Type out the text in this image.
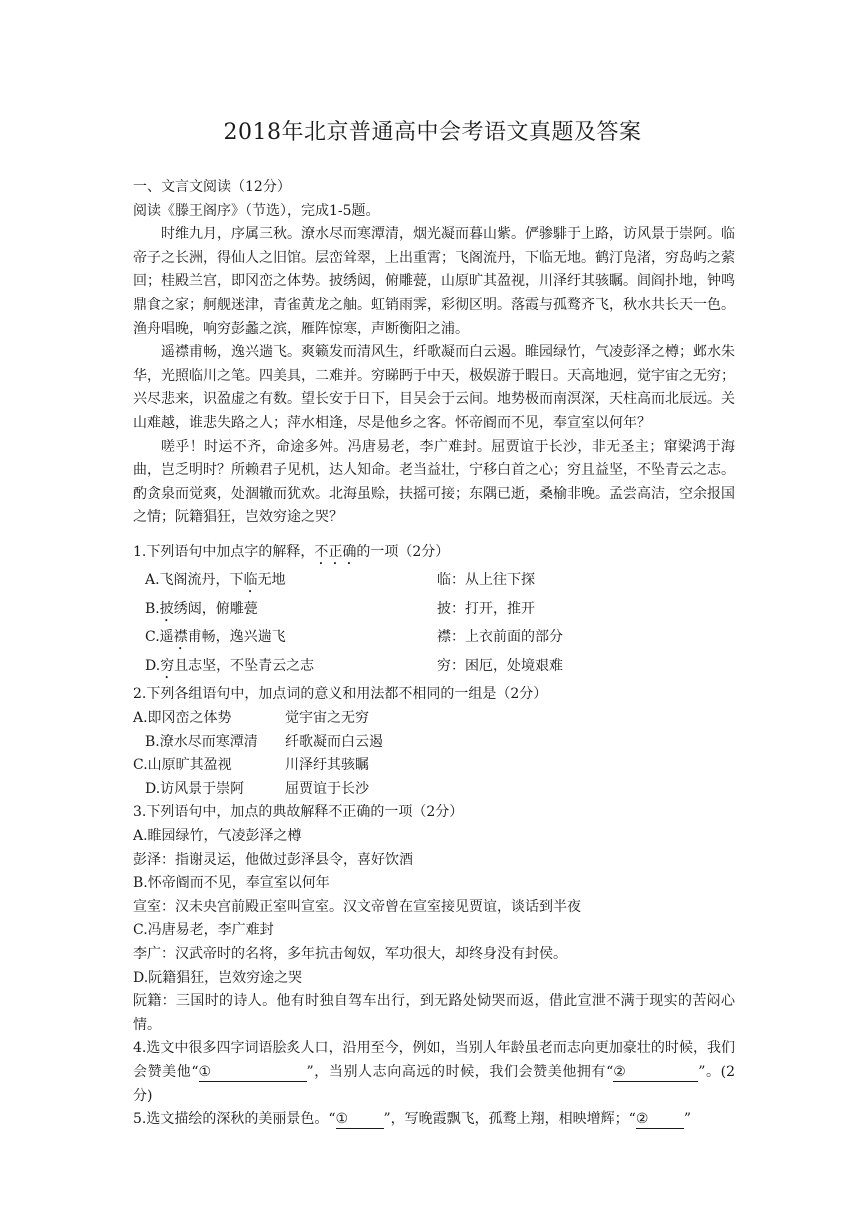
2018年北京普通高中会考语文真题及答案

一、文言文阅读（12分）

阅读《滕王阁序》（节选），完成1-5题。

时维九月，序属三秋。潦水尽而寒潭清，烟光凝而暮山紫。俨骖騑于上路，访风景于崇阿。临帝子之长洲，得仙人之旧馆。层峦耸翠，上出重霄；飞阁流丹，下临无地。鹤汀凫渚，穷岛屿之萦回；桂殿兰宫，即冈峦之体势。披绣闼，俯雕甍，山原旷其盈视，川泽纡其骇瞩。闾阎扑地，钟鸣鼎食之家；舸舰迷津，青雀黄龙之舳。虹销雨霁，彩彻区明。落霞与孤鹜齐飞，秋水共长天一色。渔舟唱晚，响穷彭蠡之滨，雁阵惊寒，声断衡阳之浦。

遥襟甫畅，逸兴遄飞。爽籁发而清风生，纤歌凝而白云遏。睢园绿竹，气凌彭泽之樽；邺水朱华，光照临川之笔。四美具，二难并。穷睇眄于中天，极娱游于暇日。天高地迥，觉宇宙之无穷；兴尽悲来，识盈虚之有数。望长安于日下，目吴会于云间。地势极而南溟深，天柱高而北辰远。关山难越，谁悲失路之人；萍水相逢，尽是他乡之客。怀帝阍而不见，奉宣室以何年？

嗟乎！时运不齐，命途多舛。冯唐易老，李广难封。屈贾谊于长沙，非无圣主；窜梁鸿于海曲，岂乏明时？所赖君子见机，达人知命。老当益壮，宁移白首之心；穷且益坚，不坠青云之志。酌贪泉而觉爽，处涸辙而犹欢。北海虽赊，扶摇可接；东隅已逝，桑榆非晚。孟尝高洁，空余报国之情；阮籍猖狂，岂效穷途之哭？

1.下列语句中加点字的解释，不正确的一项（2分）

A.飞阁流丹，下临无地	临：从上往下探
B.披绣闼，俯雕甍	披：打开，推开
C.遥襟甫畅，逸兴遄飞	襟：上衣前面的部分
D.穷且志坚，不坠青云之志	穷：困厄，处境艰难

2.下列各组语句中，加点词的意义和用法都不相同的一组是（2分）

A.即冈峦之体势	觉宇宙之无穷
B.潦水尽而寒潭清	纤歌凝而白云遏
C.山原旷其盈视	川泽纡其骇瞩
D.访风景于崇阿	屈贾谊于长沙

3.下列语句中，加点的典故解释不正确的一项（2分）

A.睢园绿竹，气凌彭泽之樽

彭泽：指谢灵运，他做过彭泽县令，喜好饮酒

B.怀帝阍而不见，奉宣室以何年

宣室：汉未央宫前殿正室叫宣室。汉文帝曾在宣室接见贾谊，谈话到半夜

C.冯唐易老，李广难封

李广：汉武帝时的名将，多年抗击匈奴，军功很大，却终身没有封侯。

D.阮籍猖狂，岂效穷途之哭

阮籍：三国时的诗人。他有时独自驾车出行，到无路处恸哭而返，借此宣泄不满于现实的苦闷心情。

4.选文中很多四字词语脍炙人口，沿用至今，例如，当别人年龄虽老而志向更加豪壮的时候，我们会赞美他“①	”，当别人志向高远的时候，我们会赞美他拥有“②	”。(2分)

5.选文描绘的深秋的美丽景色。“①	”，写晚霞飘飞，孤鹜上翔，相映增辉；“②	”
